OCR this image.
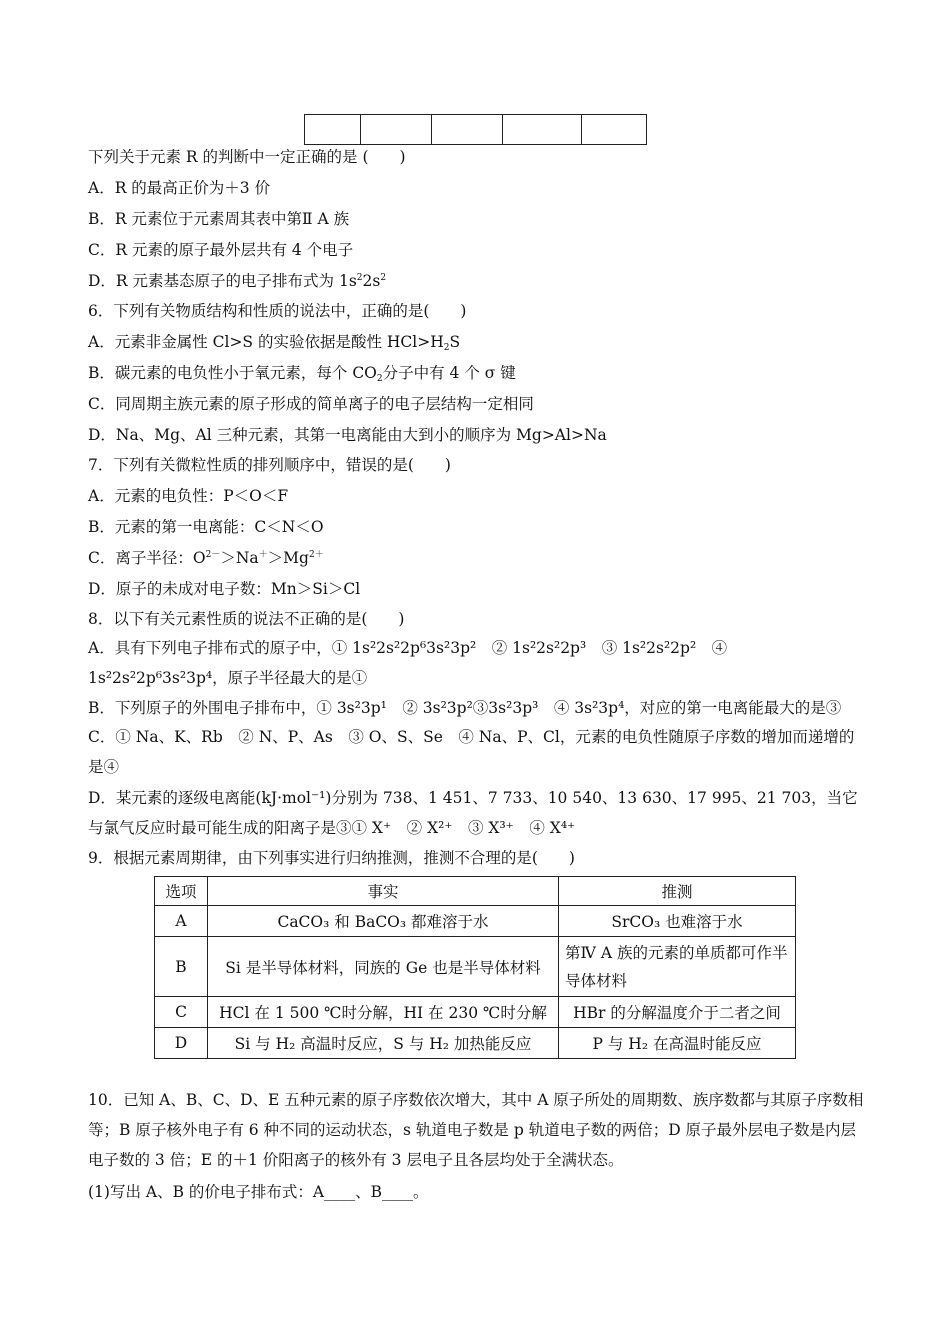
下列关于元素 R 的判断中一定正确的是 (　　)
A．R 的最高正价为＋3 价
B．R 元素位于元素周其表中第Ⅱ A 族
C．R 元素的原子最外层共有 4 个电子
D．R 元素基态原子的电子排布式为 $1s^22s^2$
6．下列有关物质结构和性质的说法中，正确的是(　　)
A．元素非金属性 Cl>S 的实验依据是酸性 $HCl>H_2S$
B．碳元素的电负性小于氧元素，每个 $CO_2$分子中有 4 个 σ 键
C．同周期主族元素的原子形成的简单离子的电子层结构一定相同
D．Na、Mg、Al 三种元素，其第一电离能由大到小的顺序为 Mg>Al>Na
7．下列有关微粒性质的排列顺序中，错误的是(　　)
A．元素的电负性：P＜O＜F
B．元素的第一电离能：C＜N＜O
C．离子半径：$O^{2-}>Na^+>Mg^{2+}$
D．原子的未成对电子数：Mn＞Si＞Cl
8．以下有关元素性质的说法不正确的是(　　)
A．具有下列电子排布式的原子中，① 1s²2s²2p⁶3s²3p²　② 1s²2s²2p³　③ 1s²2s²2p²　④ 1s²2s²2p⁶3s²3p⁴，原子半径最大的是①
B．下列原子的外围电子排布中，① 3s²3p¹　② 3s²3p²③3s²3p³　④ 3s²3p⁴，对应的第一电离能最大的是③
C．① Na、K、Rb　② N、P、As　③ O、S、Se　④ Na、P、Cl，元素的电负性随原子序数的增加而递增的是④
D．某元素的逐级电离能(kJ·mol⁻¹)分别为 738、1 451、7 733、10 540、13 630、17 995、21 703，当它与氯气反应时最可能生成的阳离子是③① X⁺　② X²⁺　③ X³⁺　④ X⁴⁺
9．根据元素周期律，由下列事实进行归纳推测，推测不合理的是(　　)
选项	事实	推测
A	CaCO₃ 和 BaCO₃ 都难溶于水	SrCO₃ 也难溶于水
B	Si 是半导体材料，同族的 Ge 也是半导体材料	第Ⅳ A 族的元素的单质都可作半导体材料
C	HCl 在 1 500 ℃时分解，HI 在 230 ℃时分解	HBr 的分解温度介于二者之间
D	Si 与 H₂ 高温时反应，S 与 H₂ 加热能反应	P 与 H₂ 在高温时能反应
10．已知 A、B、C、D、E 五种元素的原子序数依次增大，其中 A 原子所处的周期数、族序数都与其原子序数相等；B 原子核外电子有 6 种不同的运动状态，s 轨道电子数是 p 轨道电子数的两倍；D 原子最外层电子数是内层电子数的 3 倍；E 的＋1 价阳离子的核外有 3 层电子且各层均处于全满状态。
(1)写出 A、B 的价电子排布式：A____、B____。
